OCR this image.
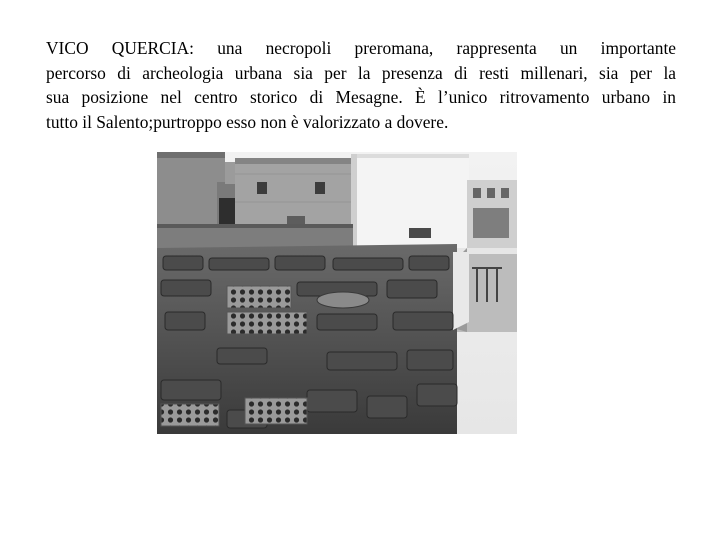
VICO QUERCIA: una necropoli preromana, rappresenta un importante
percorso di archeologia urbana sia per la presenza di resti millenari, sia per la
sua posizione nel centro storico di Mesagne. È l’unico ritrovamento urbano in
tutto il Salento;purtroppo esso non è valorizzato a dovere.
